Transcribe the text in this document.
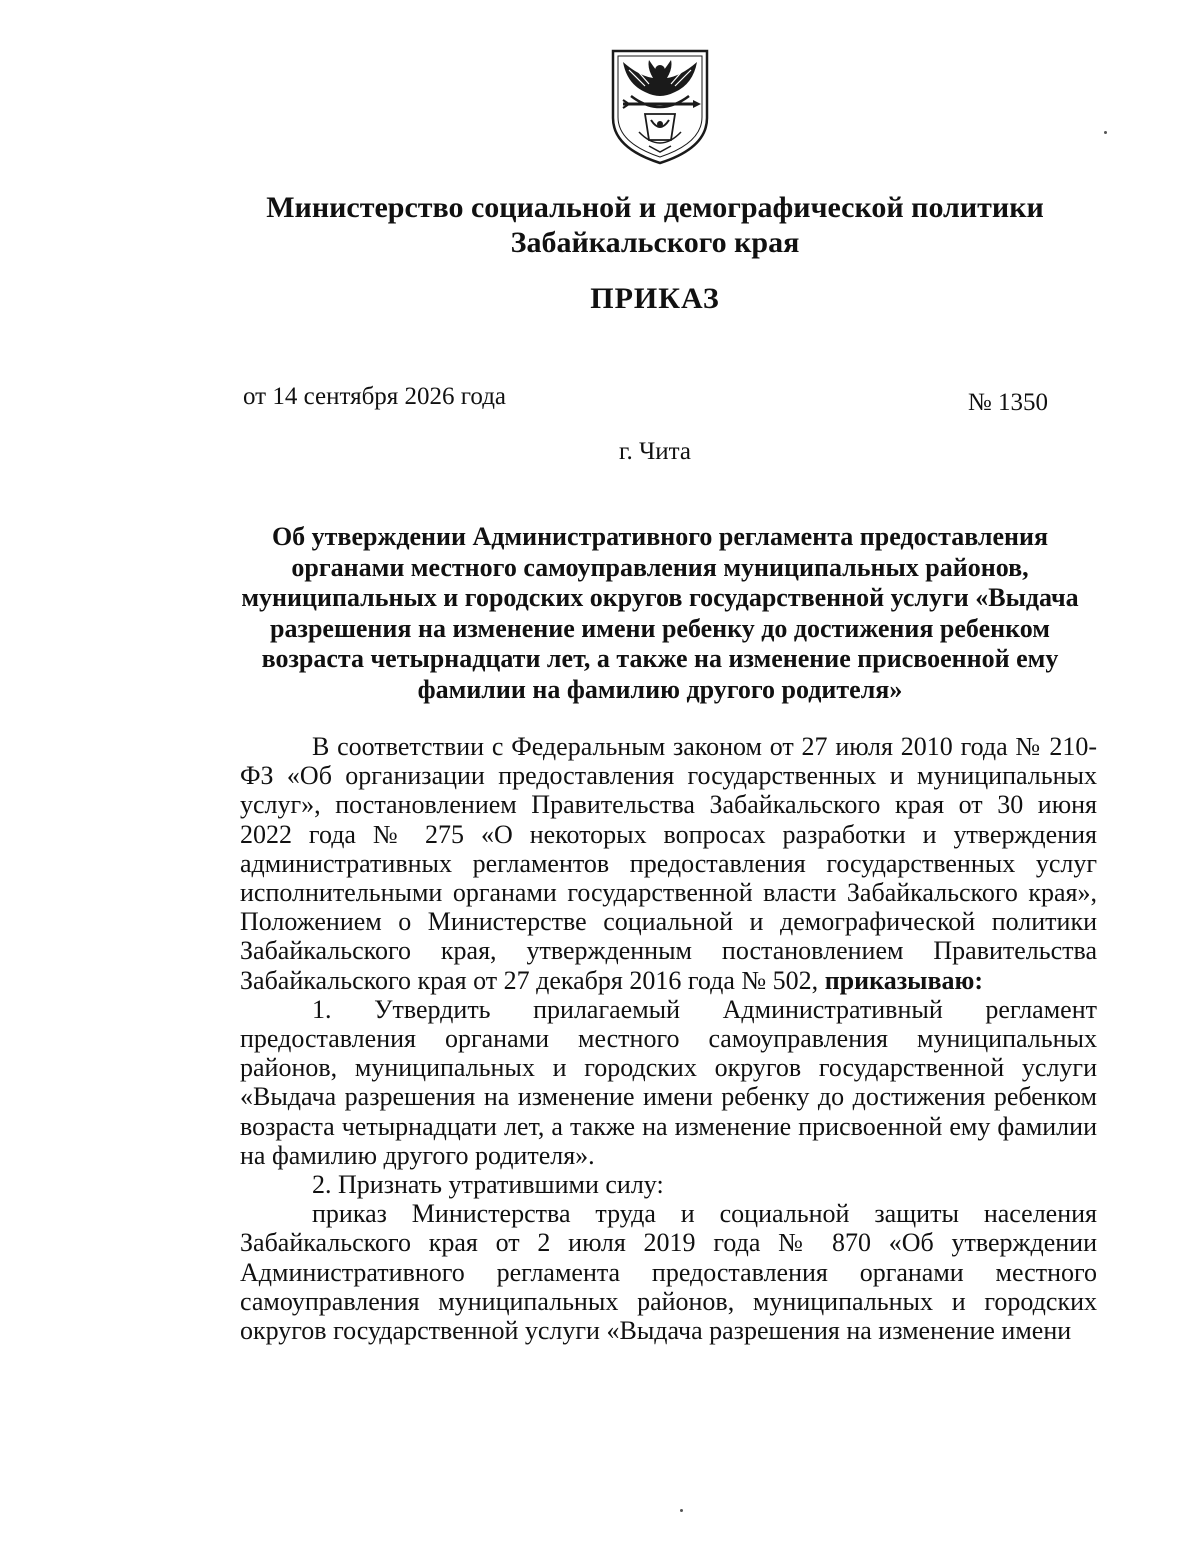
Министерство социальной и демографической политики
Забайкальского края
ПРИКАЗ
от 14 сентября 2026 года	№ 1350
г. Чита
Об утверждении Административного регламента предоставления органами местного самоуправления муниципальных районов, муниципальных и городских округов государственной услуги «Выдача разрешения на изменение имени ребенку до достижения ребенком возраста четырнадцати лет, а также на изменение присвоенной ему фамилии на фамилию другого родителя»

В соответствии с Федеральным законом от 27 июля 2010 года № 210-ФЗ «Об организации предоставления государственных и муниципальных услуг», постановлением Правительства Забайкальского края от 30 июня 2022 года № 275 «О некоторых вопросах разработки и утверждения административных регламентов предоставления государственных услуг исполнительными органами государственной власти Забайкальского края», Положением о Министерстве социальной и демографической политики Забайкальского края, утвержденным постановлением Правительства Забайкальского края от 27 декабря 2016 года № 502, приказываю:

1. Утвердить прилагаемый Административный регламент предоставления органами местного самоуправления муниципальных районов, муниципальных и городских округов государственной услуги «Выдача разрешения на изменение имени ребенку до достижения ребенком возраста четырнадцати лет, а также на изменение присвоенной ему фамилии на фамилию другого родителя».

2. Признать утратившими силу:

приказ Министерства труда и социальной защиты населения Забайкальского края от 2 июля 2019 года № 870 «Об утверждении Административного регламента предоставления органами местного самоуправления муниципальных районов, муниципальных и городских округов государственной услуги «Выдача разрешения на изменение имени
